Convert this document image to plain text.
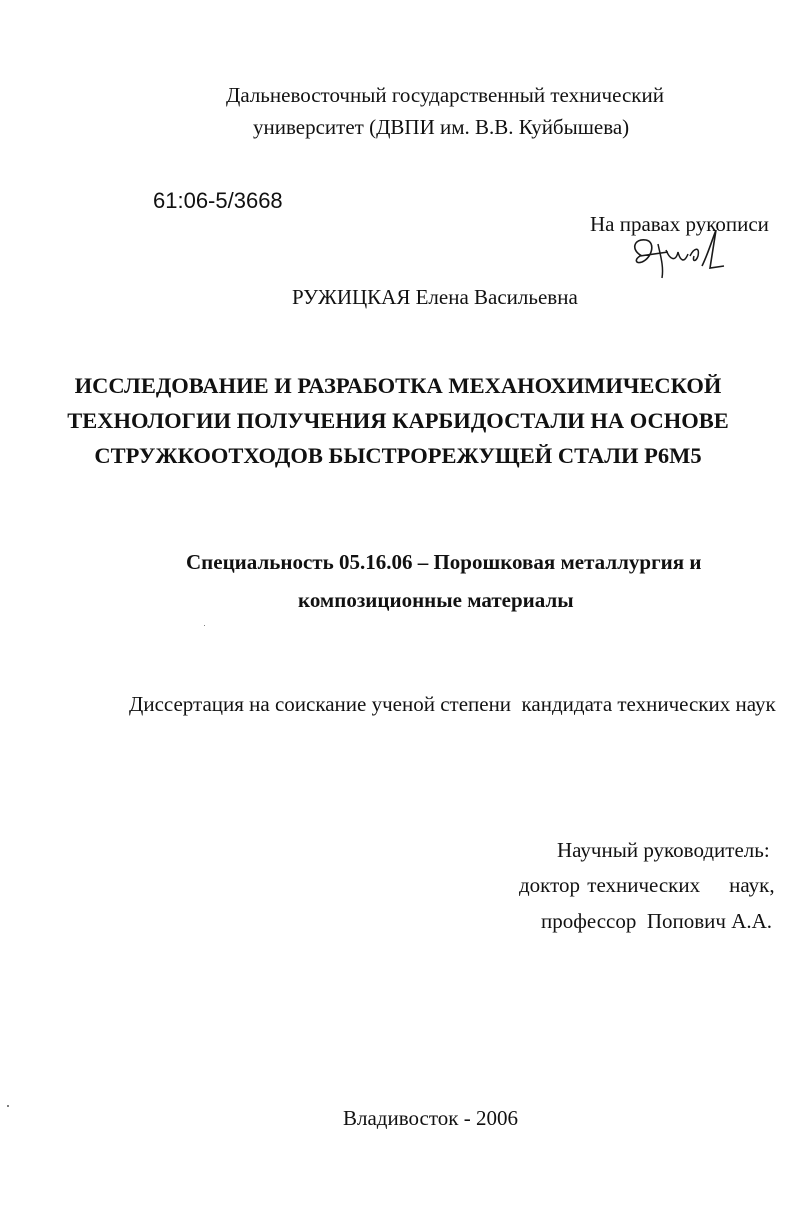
Дальневосточный государственный технический
университет (ДВПИ им. В.В. Куйбышева)
61:06-5/3668
На правах рукописи
РУЖИЦКАЯ Елена Васильевна
ИССЛЕДОВАНИЕ И РАЗРАБОТКА МЕХАНОХИМИЧЕСКОЙ
ТЕХНОЛОГИИ ПОЛУЧЕНИЯ КАРБИДОСТАЛИ НА ОСНОВЕ
СТРУЖКООТХОДОВ БЫСТРОРЕЖУЩЕЙ СТАЛИ Р6М5
Специальность 05.16.06 – Порошковая металлургия и
композиционные материалы
Диссертация на соискание ученой степени  кандидата технических наук
Научный руководитель:
доктор технических    наук,
профессор  Попович А.А.
Владивосток - 2006
